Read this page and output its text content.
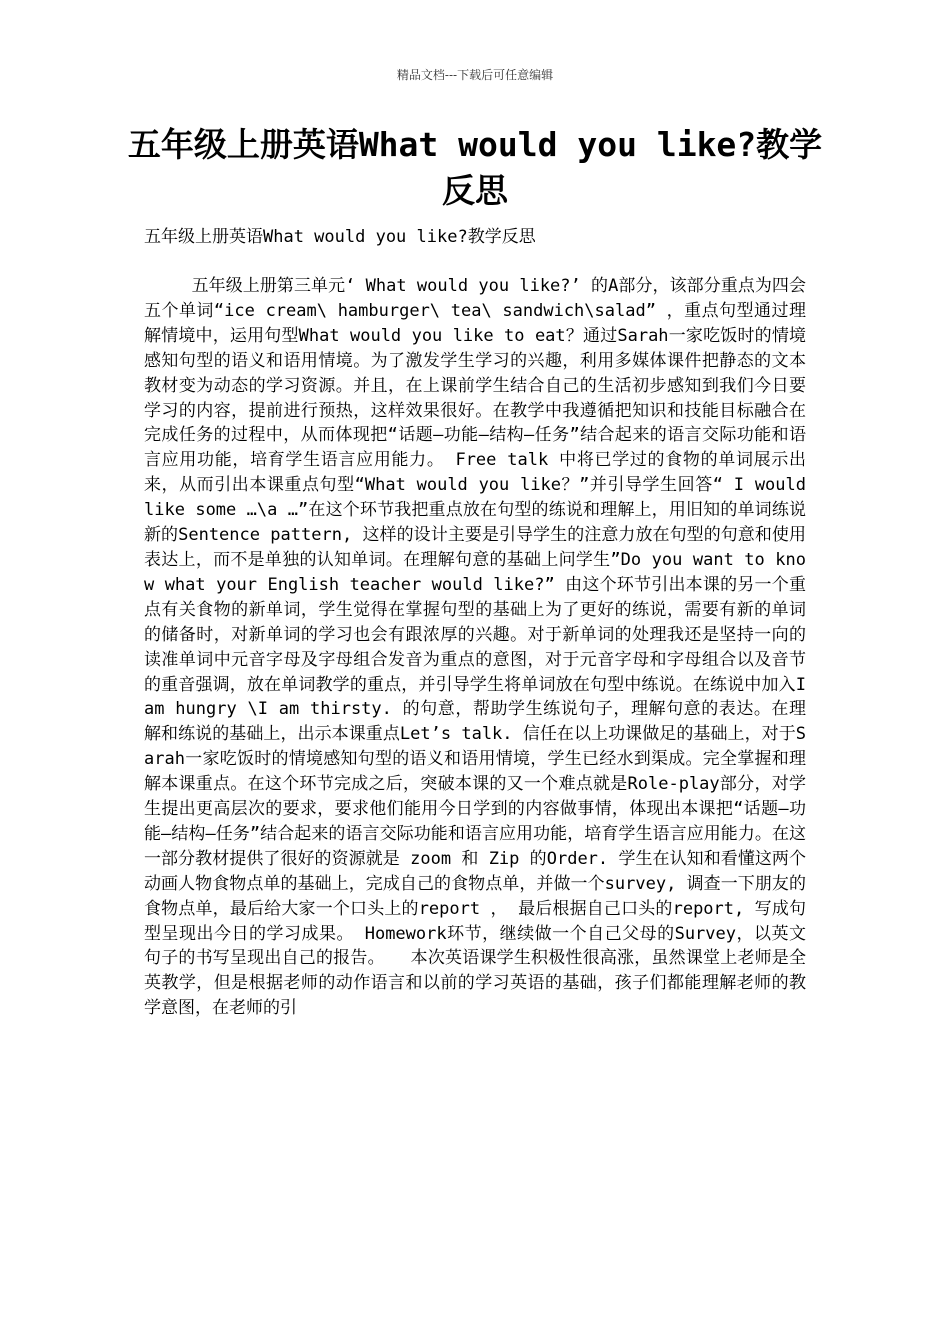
精品文档---下载后可任意编辑
五年级上册英语What would you like?教学反思

五年级上册英语What would you like?教学反思

五年级上册第三单元‘ What would you like?’ 的A部分，该部分重点为四会五个单词“ice cream\ hamburger\ tea\ sandwich\salad” ，重点句型通过理解情境中，运用句型What would you like to eat？通过Sarah一家吃饭时的情境感知句型的语义和语用情境。为了激发学生学习的兴趣，利用多媒体课件把静态的文本教材变为动态的学习资源。并且，在上课前学生结合自己的生活初步感知到我们今日要学习的内容，提前进行预热，这样效果很好。在教学中我遵循把知识和技能目标融合在完成任务的过程中，从而体现把“话题—功能—结构—任务”结合起来的语言交际功能和语言应用功能，培育学生语言应用能力。 Free talk 中将已学过的食物的单词展示出来，从而引出本课重点句型“What would you like？”并引导学生回答“ I would like some …\a …”在这个环节我把重点放在句型的练说和理解上，用旧知的单词练说新的Sentence pattern, 这样的设计主要是引导学生的注意力放在句型的句意和使用表达上，而不是单独的认知单词。在理解句意的基础上问学生”Do you want to know what your English teacher would like?” 由这个环节引出本课的另一个重点有关食物的新单词，学生觉得在掌握句型的基础上为了更好的练说，需要有新的单词的储备时，对新单词的学习也会有跟浓厚的兴趣。对于新单词的处理我还是坚持一向的读准单词中元音字母及字母组合发音为重点的意图，对于元音字母和字母组合以及音节的重音强调，放在单词教学的重点，并引导学生将单词放在句型中练说。在练说中加入I am hungry \I am thirsty. 的句意，帮助学生练说句子，理解句意的表达。在理解和练说的基础上，出示本课重点Let’s talk. 信任在以上功课做足的基础上，对于Sarah一家吃饭时的情境感知句型的语义和语用情境，学生已经水到渠成。完全掌握和理解本课重点。在这个环节完成之后，突破本课的又一个难点就是Role-play部分，对学生提出更高层次的要求，要求他们能用今日学到的内容做事情，体现出本课把“话题—功能—结构—任务”结合起来的语言交际功能和语言应用功能，培育学生语言应用能力。在这一部分教材提供了很好的资源就是 zoom 和 Zip 的Order. 学生在认知和看懂这两个动画人物食物点单的基础上，完成自己的食物点单，并做一个survey, 调查一下朋友的食物点单，最后给大家一个口头上的report ， 最后根据自己口头的report, 写成句型呈现出今日的学习成果。 Homework环节，继续做一个自己父母的Survey，以英文句子的书写呈现出自己的报告。　　本次英语课学生积极性很高涨，虽然课堂上老师是全英教学，但是根据老师的动作语言和以前的学习英语的基础，孩子们都能理解老师的教学意图，在老师的引
